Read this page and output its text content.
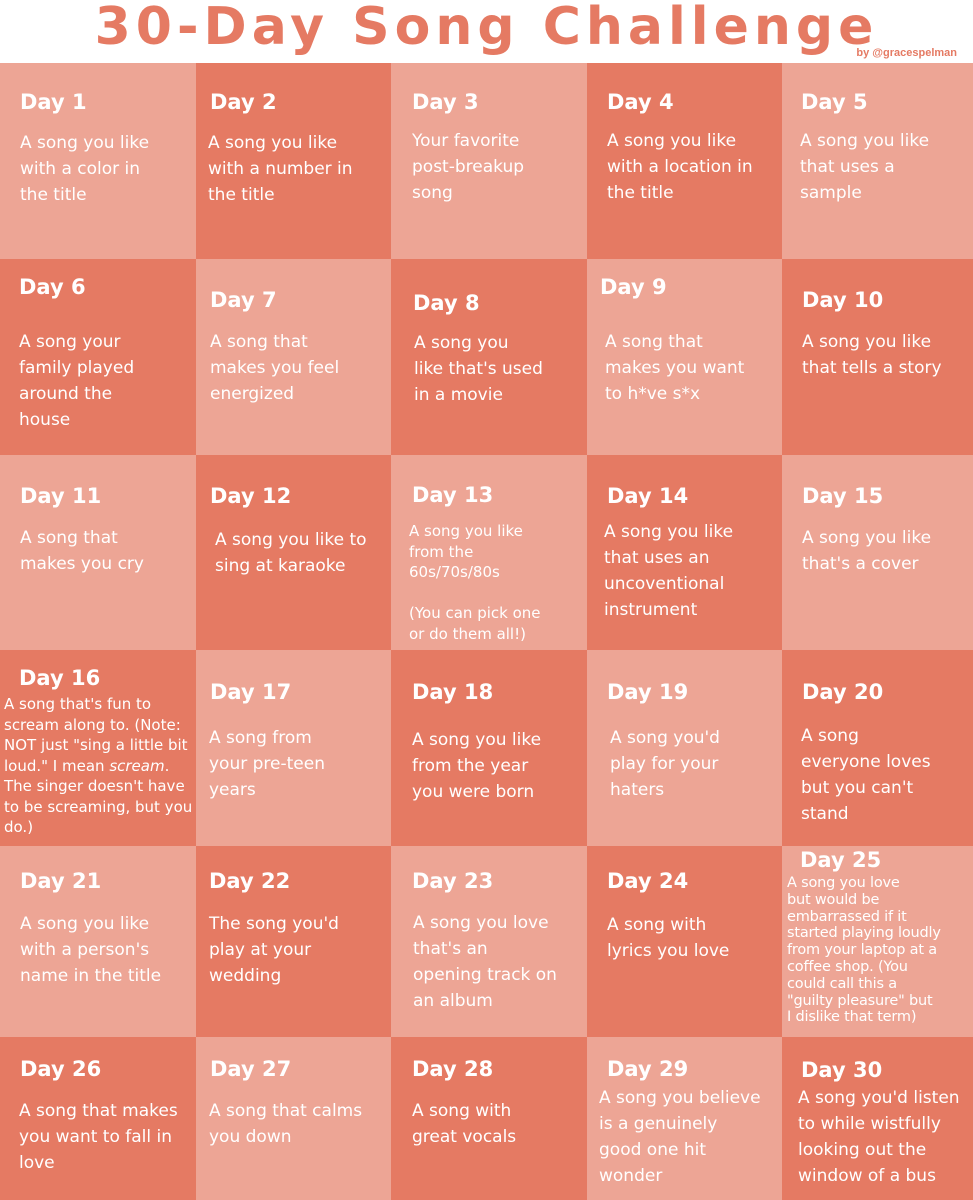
30-Day Song Challenge
by @gracespelman
Day 1
A song you like
with a color in
the title
Day 2
A song you like
with a number in
the title
Day 3
Your favorite
post-breakup
song
Day 4
A song you like
with a location in
the title
Day 5
A song you like
that uses a
sample
Day 6
A song your
family played
around the
house
Day 7
A song that
makes you feel
energized
Day 8
A song you
like that's used
in a movie
Day 9
A song that
makes you want
to h*ve s*x
Day 10
A song you like
that tells a story
Day 11
A song that
makes you cry
Day 12
A song you like to
sing at karaoke
Day 13
A song you like
from the
60s/70s/80s

(You can pick one
or do them all!)
Day 14
A song you like
that uses an
uncoventional
instrument
Day 15
A song you like
that's a cover
Day 16
A song that's fun to
scream along to. (Note:
NOT just "sing a little bit
loud." I mean scream.
The singer doesn't have
to be screaming, but you
do.)
Day 17
A song from
your pre-teen
years
Day 18
A song you like
from the year
you were born
Day 19
A song you'd
play for your
haters
Day 20
A song
everyone loves
but you can't
stand
Day 21
A song you like
with a person's
name in the title
Day 22
The song you'd
play at your
wedding
Day 23
A song you love
that's an
opening track on
an album
Day 24
A song with
lyrics you love
Day 25
A song you love
but would be
embarrassed if it
started playing loudly
from your laptop at a
coffee shop. (You
could call this a
"guilty pleasure" but
I dislike that term)
Day 26
A song that makes
you want to fall in
love
Day 27
A song that calms
you down
Day 28
A song with
great vocals
Day 29
A song you believe
is a genuinely
good one hit
wonder
Day 30
A song you'd listen
to while wistfully
looking out the
window of a bus
